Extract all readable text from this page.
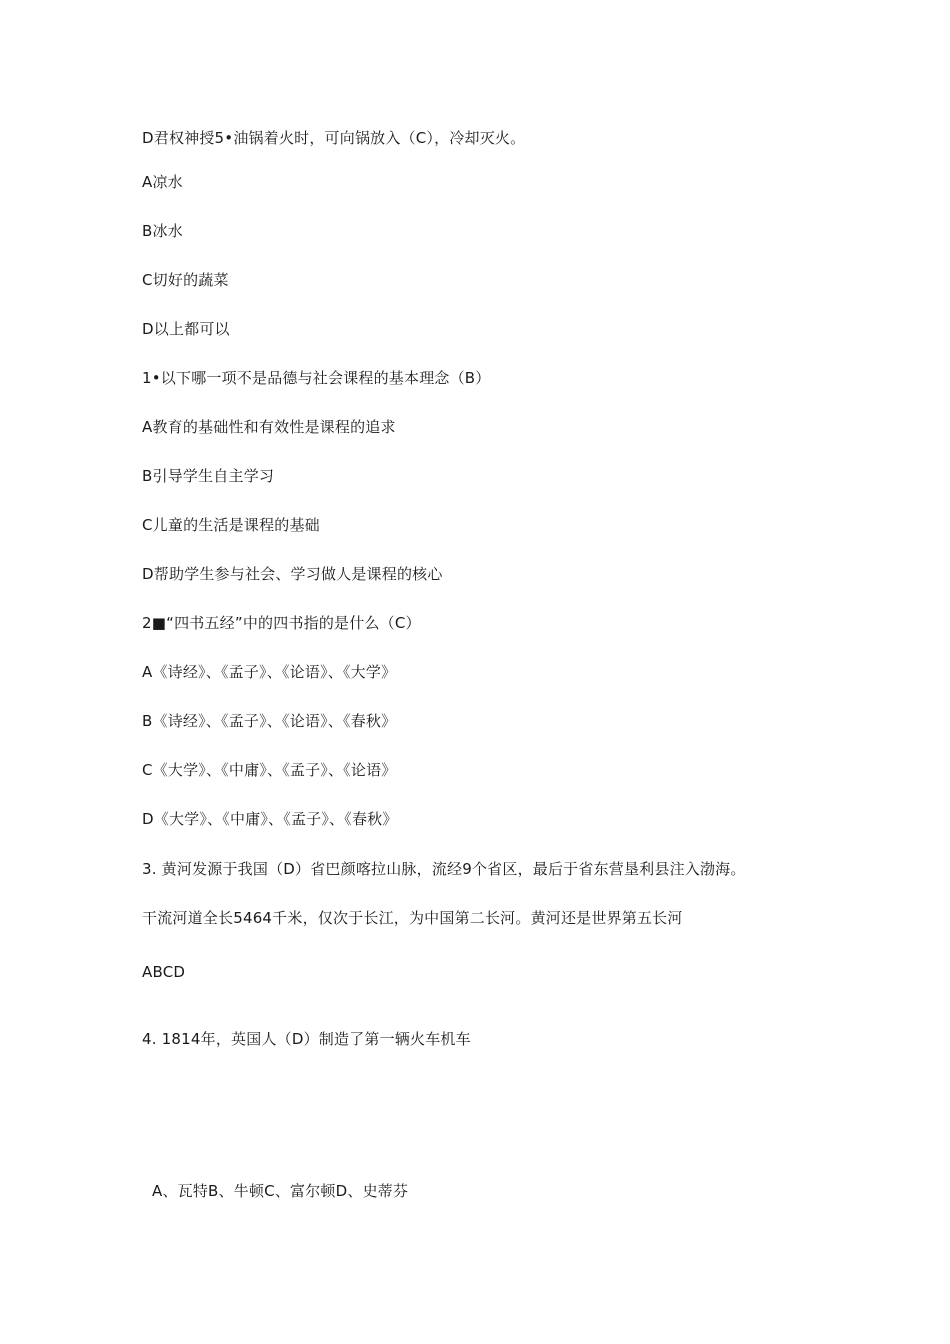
D君权神授5•油锅着火时，可向锅放入（C），冷却灭火。
A凉水
B冰水
C切好的蔬菜
D以上都可以
1•以下哪一项不是品德与社会课程的基本理念（B）
A教育的基础性和有效性是课程的追求
B引导学生自主学习
C儿童的生活是课程的基础
D帮助学生参与社会、学习做人是课程的核心
2■“四书五经”中的四书指的是什么（C）
A《诗经》、《孟子》、《论语》、《大学》
B《诗经》、《孟子》、《论语》、《春秋》
C《大学》、《中庸》、《孟子》、《论语》
D《大学》、《中庸》、《孟子》、《春秋》
3. 黄河发源于我国（D）省巴颜喀拉山脉，流经9个省区，最后于省东营垦利县注入渤海。
干流河道全长5464千米，仅次于长江，为中国第二长河。黄河还是世界第五长河
ABCD
4. 1814年，英国人（D）制造了第一辆火车机车
A、瓦特B、牛顿C、富尔顿D、史蒂芬
